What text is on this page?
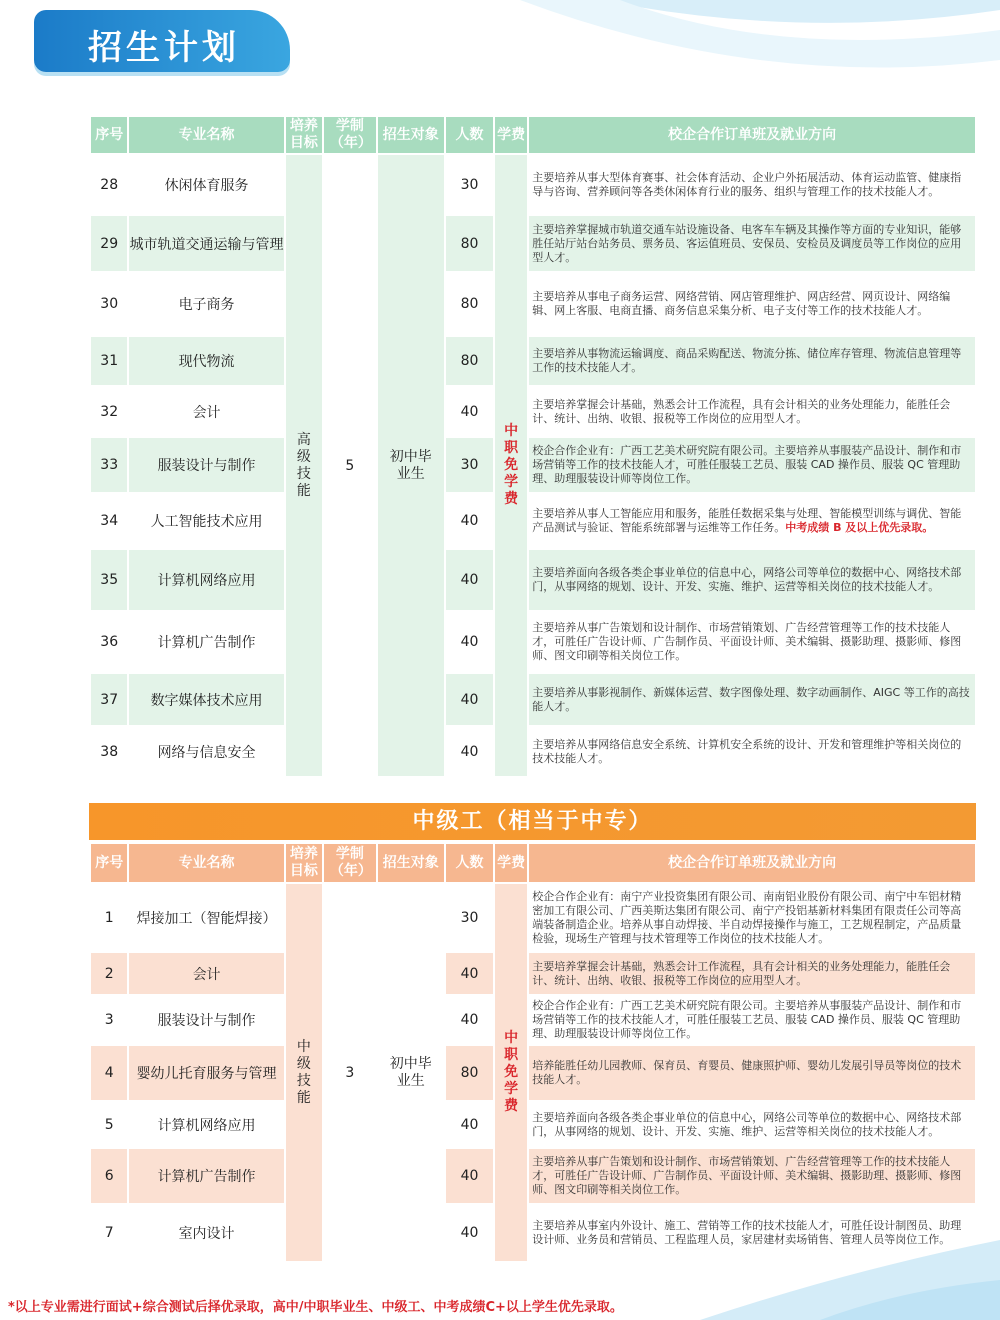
招生计划
序号	专业名称	培养目标	学制（年）	招生对象	人数	学费	校企合作订单班及就业方向
28	休闲体育服务	高级技能	5	初中毕业生	30	中职免学费	主要培养从事大型体育赛事、社会体育活动、企业户外拓展活动、体育运动监管、健康指导与咨询、营养顾问等各类休闲体育行业的服务、组织与管理工作的技术技能人才。
29	城市轨道交通运输与管理				80		主要培养掌握城市轨道交通车站设施设备、电客车车辆及其操作等方面的专业知识，能够胜任站厅站台站务员、票务员、客运值班员、安保员、安检员及调度员等工作岗位的应用型人才。
30	电子商务				80		主要培养从事电子商务运营、网络营销、网店管理维护、网店经营、网页设计、网络编辑、网上客服、电商直播、商务信息采集分析、电子支付等工作的技术技能人才。
31	现代物流				80		主要培养从事物流运输调度、商品采购配送、物流分拣、储位库存管理、物流信息管理等工作的技术技能人才。
32	会计				40		主要培养掌握会计基础，熟悉会计工作流程，具有会计相关的业务处理能力，能胜任会计、统计、出纳、收银、报税等工作岗位的应用型人才。
33	服装设计与制作				30		校企合作企业有：广西工艺美术研究院有限公司。主要培养从事服装产品设计、制作和市场营销等工作的技术技能人才，可胜任服装工艺员、服装 CAD 操作员、服装 QC 管理助理、助理服装设计师等岗位工作。
34	人工智能技术应用				40		主要培养从事人工智能应用和服务，能胜任数据采集与处理、智能模型训练与调优、智能产品测试与验证、智能系统部署与运维等工作任务。中考成绩 B 及以上优先录取。
35	计算机网络应用				40		主要培养面向各级各类企事业单位的信息中心，网络公司等单位的数据中心、网络技术部门，从事网络的规划、设计、开发、实施、维护、运营等相关岗位的技术技能人才。
36	计算机广告制作				40		主要培养从事广告策划和设计制作、市场营销策划、广告经营管理等工作的技术技能人才，可胜任广告设计师、广告制作员、平面设计师、美术编辑、摄影助理、摄影师、修图师、图文印刷等相关岗位工作。
37	数字媒体技术应用				40		主要培养从事影视制作、新媒体运营、数字图像处理、数字动画制作、AIGC 等工作的高技能人才。
38	网络与信息安全				40		主要培养从事网络信息安全系统、计算机安全系统的设计、开发和管理维护等相关岗位的技术技能人才。
中级工（相当于中专）
序号	专业名称	培养目标	学制（年）	招生对象	人数	学费	校企合作订单班及就业方向
1	焊接加工（智能焊接）	中级技能	3	初中毕业生	30	中职免学费	校企合作企业有：南宁产业投资集团有限公司、南南铝业股份有限公司、南宁中车铝材精密加工有限公司、广西美斯达集团有限公司、南宁产投铝基新材料集团有限责任公司等高端装备制造企业。培养从事自动焊接、半自动焊接操作与施工，工艺规程制定，产品质量检验，现场生产管理与技术管理等工作岗位的技术技能人才。
2	会计				40		主要培养掌握会计基础，熟悉会计工作流程，具有会计相关的业务处理能力，能胜任会计、统计、出纳、收银、报税等工作岗位的应用型人才。
3	服装设计与制作				40		校企合作企业有：广西工艺美术研究院有限公司。主要培养从事服装产品设计、制作和市场营销等工作的技术技能人才，可胜任服装工艺员、服装 CAD 操作员、服装 QC 管理助理、助理服装设计师等岗位工作。
4	婴幼儿托育服务与管理				80		培养能胜任幼儿园教师、保育员、育婴员、健康照护师、婴幼儿发展引导员等岗位的技术技能人才。
5	计算机网络应用				40		主要培养面向各级各类企事业单位的信息中心，网络公司等单位的数据中心、网络技术部门，从事网络的规划、设计、开发、实施、维护、运营等相关岗位的技术技能人才。
6	计算机广告制作				40		主要培养从事广告策划和设计制作、市场营销策划、广告经营管理等工作的技术技能人才，可胜任广告设计师、广告制作员、平面设计师、美术编辑、摄影助理、摄影师、修图师、图文印刷等相关岗位工作。
7	室内设计				40		主要培养从事室内外设计、施工、营销等工作的技术技能人才，可胜任设计制图员、助理设计师、业务员和营销员、工程监理人员，家居建材卖场销售、管理人员等岗位工作。
*以上专业需进行面试+综合测试后择优录取，高中/中职毕业生、中级工、中考成绩C+以上学生优先录取。
